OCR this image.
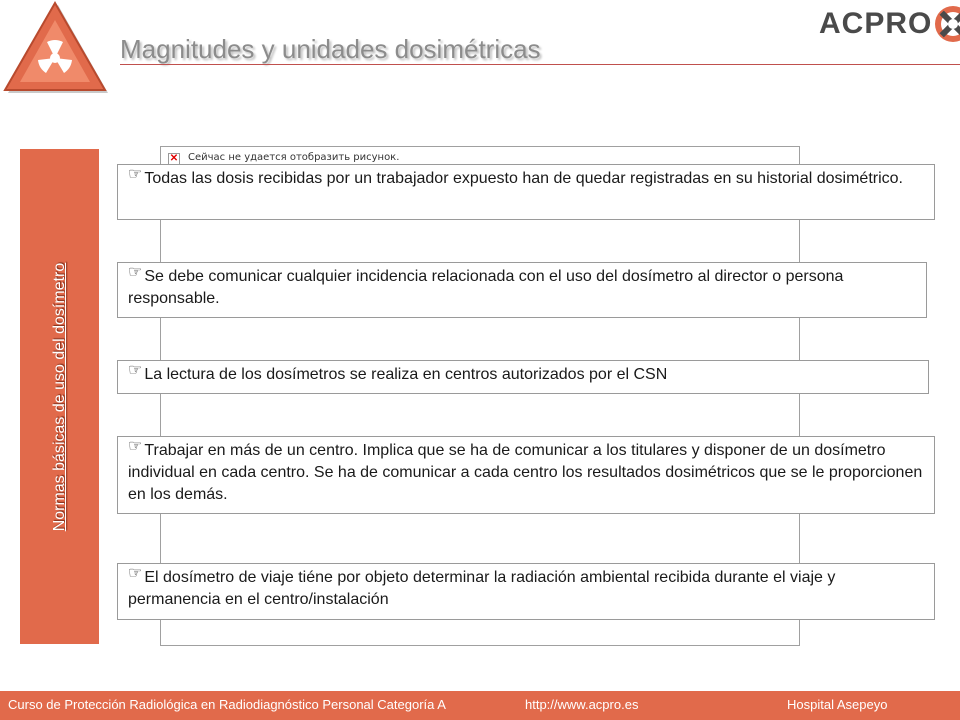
Magnitudes y unidades dosimétricas
ACPRO
Normas básicas de uso del dosímetro
✕ Сейчас не удается отобразить рисунок.
☞ Todas las dosis recibidas por un trabajador expuesto han de quedar registradas en su historial dosimétrico.
☞ Se debe comunicar cualquier incidencia relacionada con el uso del dosímetro al director o persona responsable.
☞ La lectura de los dosímetros se realiza en centros autorizados por el CSN
☞ Trabajar en más de un centro. Implica que se ha de comunicar a los titulares y disponer de un dosímetro individual en cada centro. Se ha de comunicar a cada centro los resultados dosimétricos que se le proporcionen en los demás.
☞ El dosímetro de viaje tiéne por objeto determinar la radiación ambiental recibida durante el viaje y permanencia en el centro/instalación
Curso de Protección Radiológica en Radiodiagnóstico Personal Categoría A	http://www.acpro.es	Hospital Asepeyo
